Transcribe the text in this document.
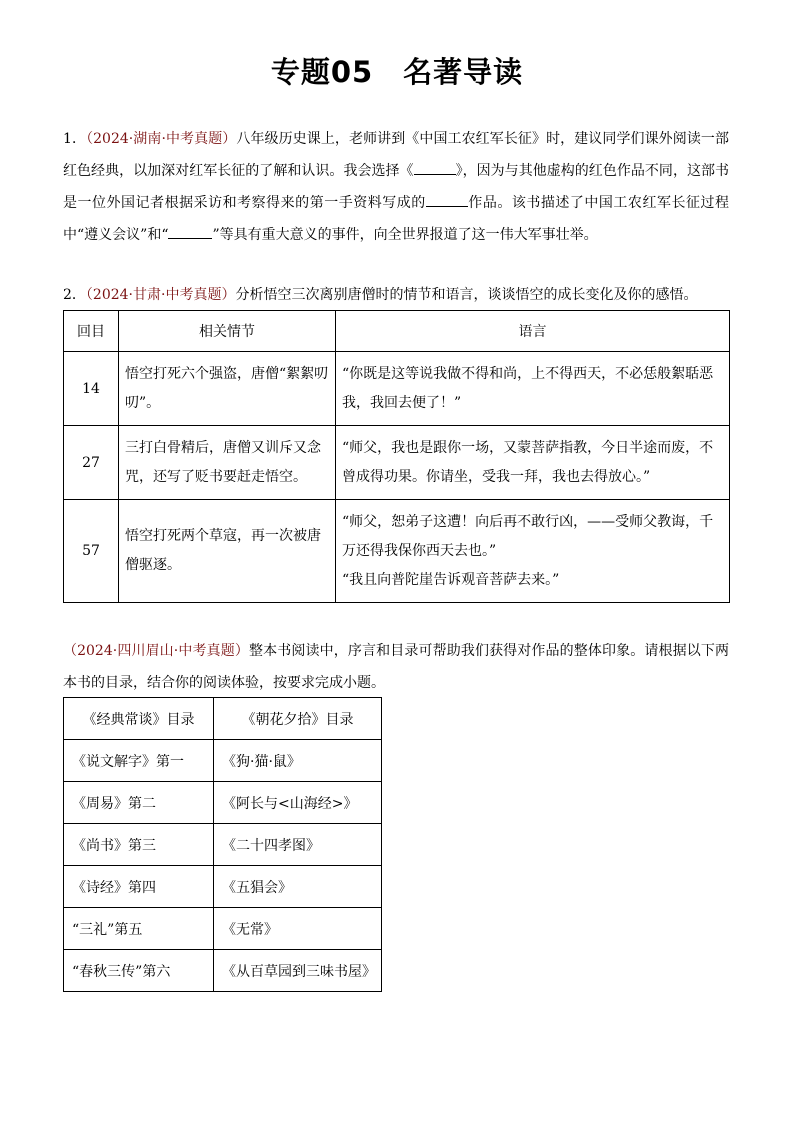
专题05　名著导读
1．（2024·湖南·中考真题）八年级历史课上，老师讲到《中国工农红军长征》时，建议同学们课外阅读一部红色经典，以加深对红军长征的了解和认识。我会选择《	》，因为与其他虚构的红色作品不同，这部书是一位外国记者根据采访和考察得来的第一手资料写成的	作品。该书描述了中国工农红军长征过程中“遵义会议”和“	”等具有重大意义的事件，向全世界报道了这一伟大军事壮举。
2．（2024·甘肃·中考真题）分析悟空三次离别唐僧时的情节和语言，谈谈悟空的成长变化及你的感悟。
回目	相关情节	语言
14	悟空打死六个强盗，唐僧“絮絮叨叨”。	“你既是这等说我做不得和尚，上不得西天，不必恁般絮聒恶我，我回去便了！”

27	三打白骨精后，唐僧又训斥又念咒，还写了贬书要赶走悟空。	“师父，我也是跟你一场，又蒙菩萨指教，今日半途而废，不曾成得功果。你请坐，受我一拜，我也去得放心。”

57	悟空打死两个草寇，再一次被唐僧驱逐。	“师父，恕弟子这遭！向后再不敢行凶，——受师父教诲，千万还得我保你西天去也。”
“我且向普陀崖告诉观音菩萨去来。”
（2024·四川眉山·中考真题）整本书阅读中，序言和目录可帮助我们获得对作品的整体印象。请根据以下两本书的目录，结合你的阅读体验，按要求完成小题。
《经典常谈》目录	《朝花夕拾》目录
《说文解字》第一	《狗·猫·鼠》
《周易》第二	《阿长与<山海经>》
《尚书》第三	《二十四孝图》
《诗经》第四	《五猖会》
“三礼”第五	《无常》
“春秋三传”第六	《从百草园到三味书屋》
